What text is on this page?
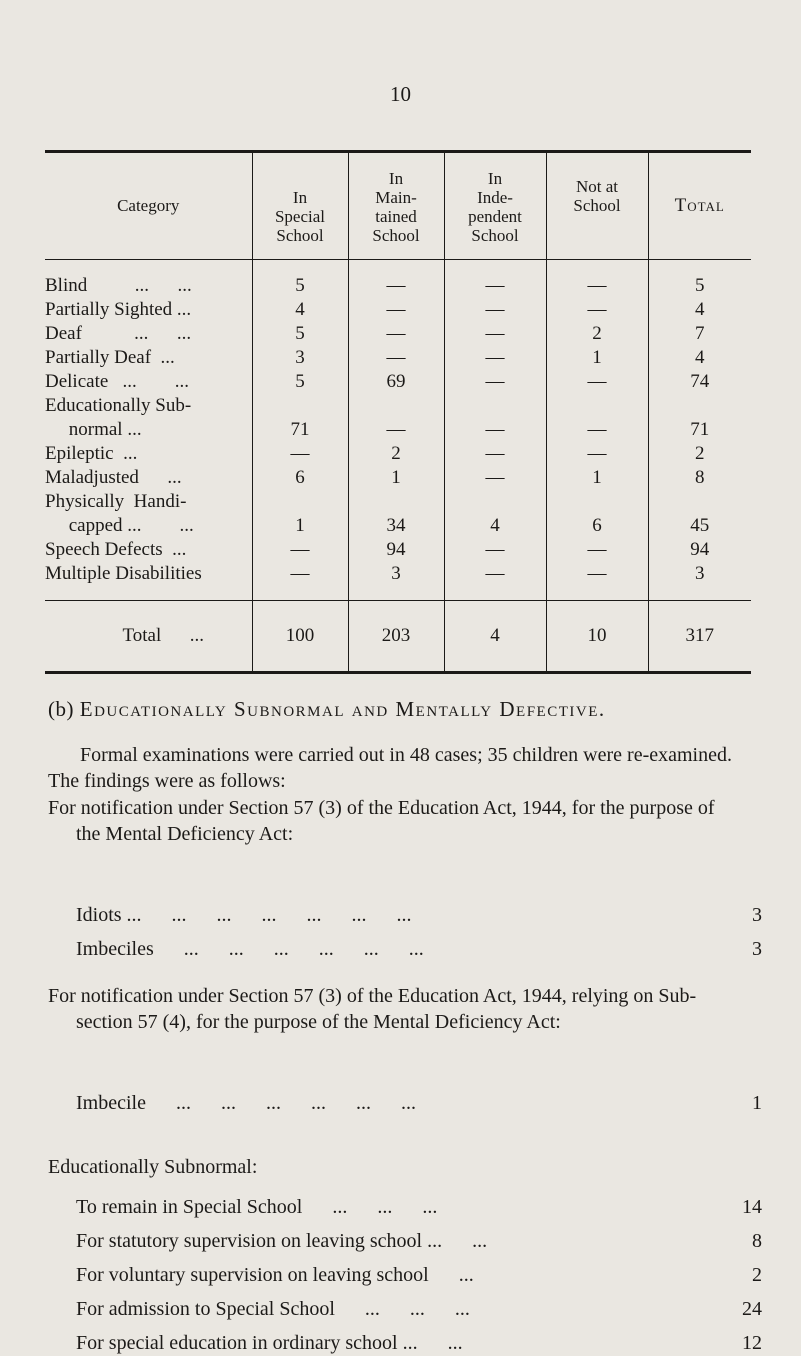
10
Category	In
Special
School	In
Main-
tained
School	In
Inde-
pendent
School	Not at
School	Total
Blind          ...      ...	5	—	—	—	5
Partially Sighted ...	4	—	—	—	4
Deaf           ...      ...	5	—	—	2	7
Partially Deaf  ...	3	—	—	1	4
Delicate   ...        ...	5	69	—	—	74
Educationally Sub-					
normal ...	71	—	—	—	71
Epileptic  ...	—	2	—	—	2
Maladjusted      ...	6	1	—	1	8
Physically  Handi-					
capped ...        ...	1	34	4	6	45
Speech Defects  ...	—	94	—	—	94
Multiple Disabilities	—	3	—	—	3
Total      ...	100	203	4	10	317
(b) Educationally Subnormal and Mentally Defective.
Formal examinations were carried out in 48 cases; 35 children were re-examined. The findings were as follows:
For notification under Section 57 (3) of the Education Act, 1944, for the purpose of the Mental Deficiency Act:
Idiots ...      ...      ...      ...      ...      ...      ...	3
Imbeciles      ...      ...      ...      ...      ...      ...	3
For notification under Section 57 (3) of the Education Act, 1944, relying on Sub-section 57 (4), for the purpose of the Mental Deficiency Act:
Imbecile      ...      ...      ...      ...      ...      ...	1
Educationally Subnormal:
To remain in Special School      ...      ...      ...	14
For statutory supervision on leaving school ...      ...	8
For voluntary supervision on leaving school      ...	2
For admission to Special School      ...      ...      ...	24
For special education in ordinary school ...      ...	12
